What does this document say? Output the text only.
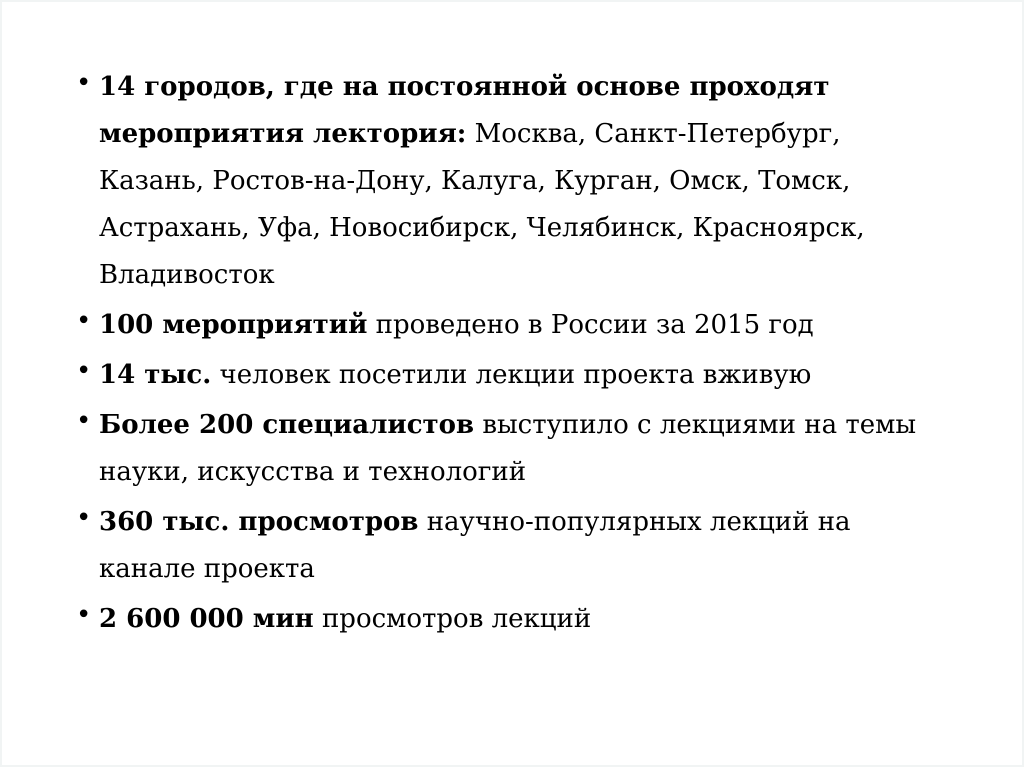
• 14 городов, где на постоянной основе проходят мероприятия лектория: Москва, Санкт-Петербург, Казань, Ростов-на-Дону, Калуга, Курган, Омск, Томск, Астрахань, Уфа, Новосибирск, Челябинск, Красноярск, Владивосток
• 100 мероприятий проведено в России за 2015 год
• 14 тыс. человек посетили лекции проекта вживую
• Более 200 специалистов выступило с лекциями на темы науки, искусства и технологий
• 360 тыс. просмотров научно-популярных лекций на канале проекта
• 2 600 000 мин просмотров лекций
